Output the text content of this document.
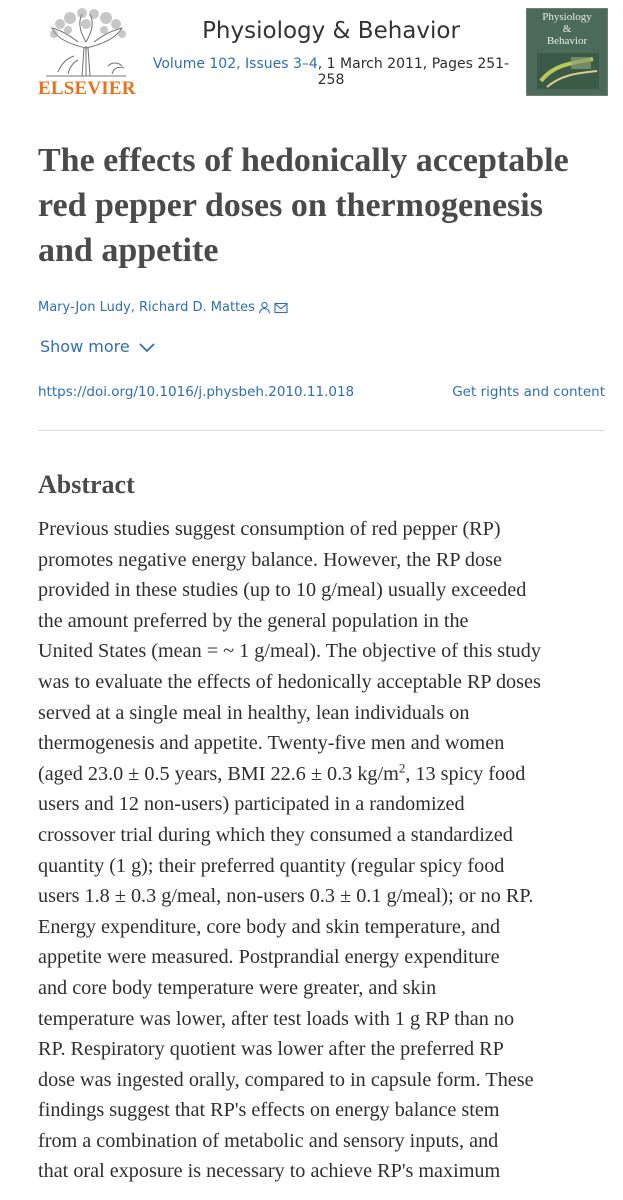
ELSEVIER
Physiology & Behavior
Volume 102, Issues 3–4, 1 March 2011, Pages 251-258
Physiology
&
Behavior
The effects of hedonically acceptable
red pepper doses on thermogenesis
and appetite
Mary-Jon Ludy, Richard D. Mattes
Show more
https://doi.org/10.1016/j.physbeh.2010.11.018	Get rights and content
Abstract
Previous studies suggest consumption of red pepper (RP)
promotes negative energy balance. However, the RP dose
provided in these studies (up to 10 g/meal) usually exceeded
the amount preferred by the general population in the
United States (mean = ~ 1 g/meal). The objective of this study
was to evaluate the effects of hedonically acceptable RP doses
served at a single meal in healthy, lean individuals on
thermogenesis and appetite. Twenty-five men and women
(aged 23.0 ± 0.5 years, BMI 22.6 ± 0.3 $kg/m^2$, 13 spicy food
users and 12 non-users) participated in a randomized
crossover trial during which they consumed a standardized
quantity (1 g); their preferred quantity (regular spicy food
users 1.8 ± 0.3 g/meal, non-users 0.3 ± 0.1 g/meal); or no RP.
Energy expenditure, core body and skin temperature, and
appetite were measured. Postprandial energy expenditure
and core body temperature were greater, and skin
temperature was lower, after test loads with 1 g RP than no
RP. Respiratory quotient was lower after the preferred RP
dose was ingested orally, compared to in capsule form. These
findings suggest that RP's effects on energy balance stem
from a combination of metabolic and sensory inputs, and
that oral exposure is necessary to achieve RP's maximum
